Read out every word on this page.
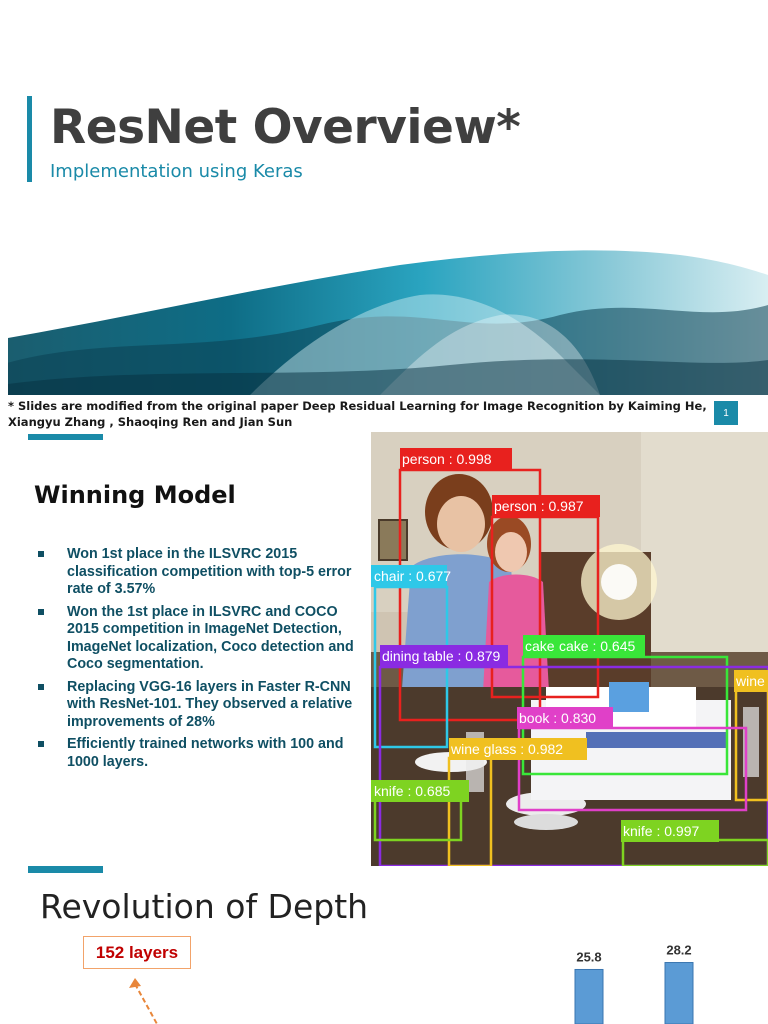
ResNet Overview*
Implementation using Keras
* Slides are modified from the original paper Deep Residual Learning for Image Recognition by Kaiming He, Xiangyu Zhang , Shaoqing Ren and Jian Sun
1
Winning Model
Won 1st place in the ILSVRC 2015 classification competition with top-5 error rate of 3.57%
Won the 1st place in ILSVRC and COCO 2015 competition in ImageNet Detection, ImageNet localization, Coco detection and Coco segmentation.
Replacing VGG-16 layers in Faster R-CNN with ResNet-101. They observed a relative improvements of 28%
Efficiently trained networks with 100 and 1000 layers.
person : 0.998
person : 0.987
chair : 0.677
cake cake : 0.645
dining table : 0.879
wine
book : 0.830
wine glass : 0.982
knife : 0.685
knife : 0.997
Revolution of Depth
152 layers	25.8	28.2
